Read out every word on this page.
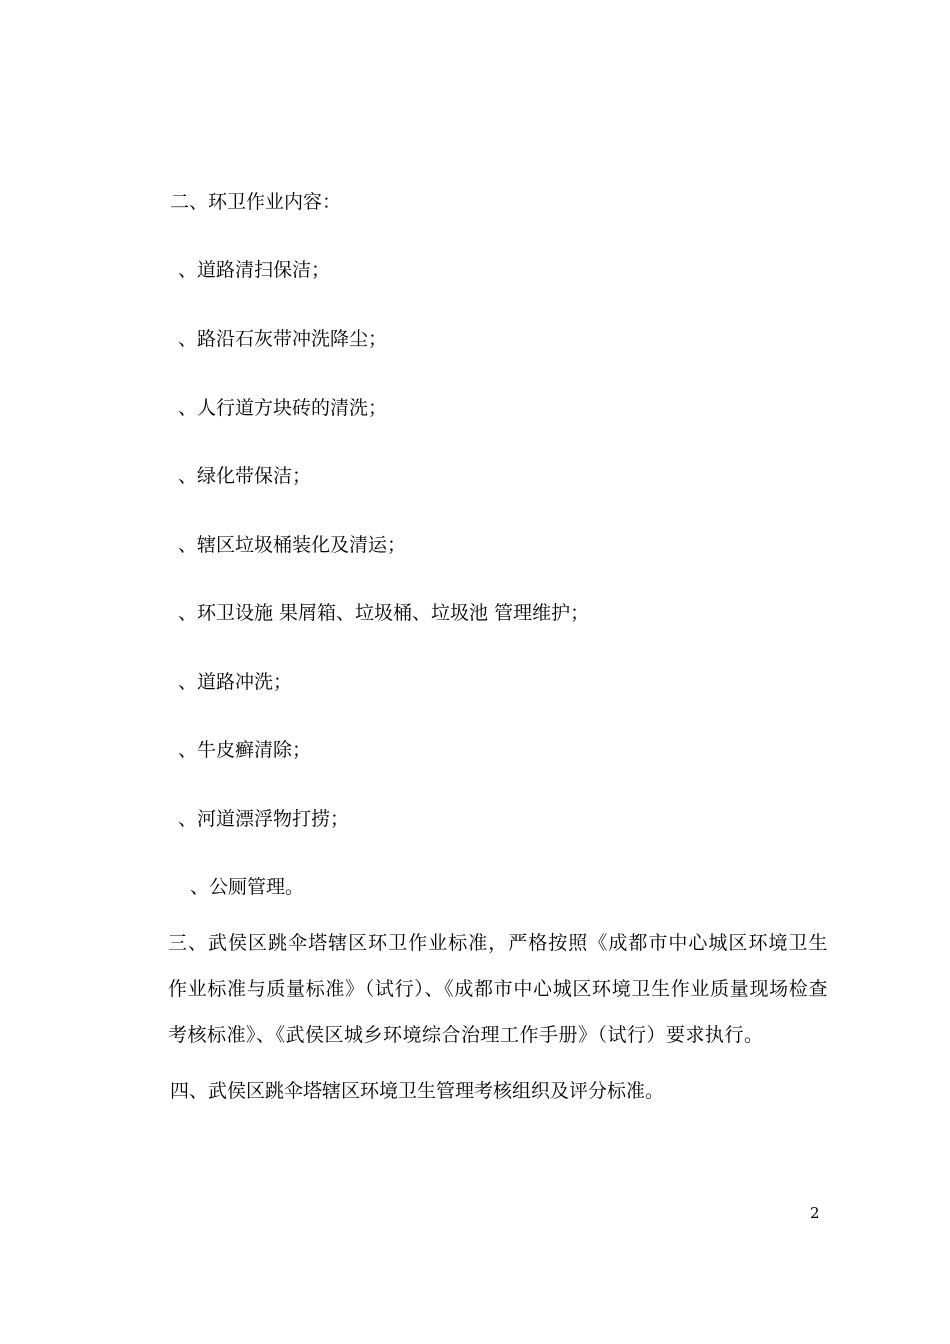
二、环卫作业内容：
、道路清扫保洁；
、路沿石灰带冲洗降尘；
、人行道方块砖的清洗；
、绿化带保洁；
、辖区垃圾桶装化及清运；
、环卫设施 果屑箱、垃圾桶、垃圾池 管理维护；
、道路冲洗；
、牛皮癣清除；
、河道漂浮物打捞；
、公厕管理。
三、武侯区跳伞塔辖区环卫作业标准，严格按照《成都市中心城区环境卫生作业标准与质量标准》（试行）、《成都市中心城区环境卫生作业质量现场检查考核标准》、《武侯区城乡环境综合治理工作手册》（试行）要求执行。
四、武侯区跳伞塔辖区环境卫生管理考核组织及评分标准。
2
